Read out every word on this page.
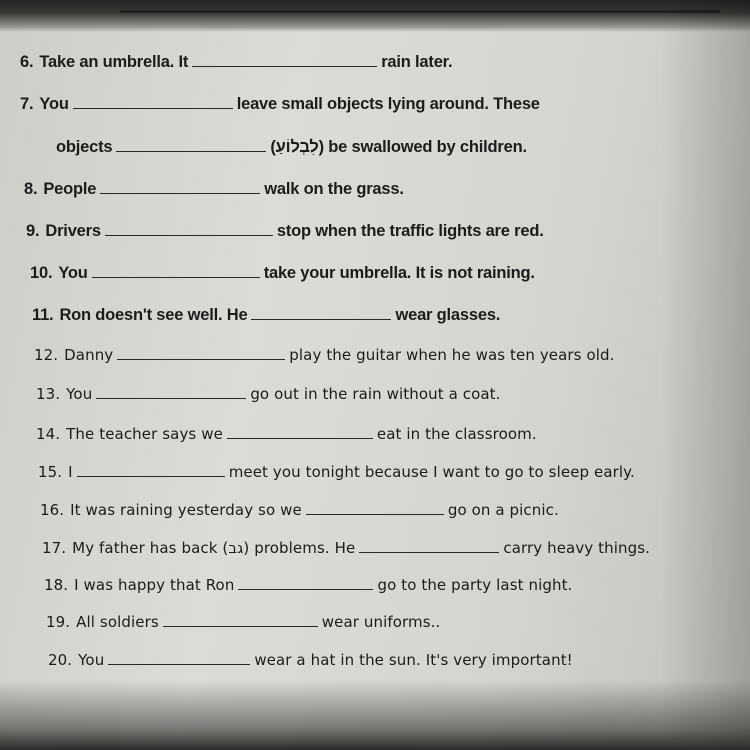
6. Take an umbrella. It	rain later.
7. You	leave small objects lying around. These
objects	(לִבְלוֹעַ) be swallowed by children.
8. People	walk on the grass.
9. Drivers	stop when the traffic lights are red.
10. You	take your umbrella. It is not raining.
11. Ron doesn't see well. He	wear glasses.
12. Danny	play the guitar when he was ten years old.
13. You	go out in the rain without a coat.
14. The teacher says we	eat in the classroom.
15. I	meet you tonight because I want to go to sleep early.
16. It was raining yesterday so we	go on a picnic.
17. My father has back (גב) problems. He	carry heavy things.
18. I was happy that Ron	go to the party last night.
19. All soldiers	wear uniforms..
20. You	wear a hat in the sun. It's very important!
